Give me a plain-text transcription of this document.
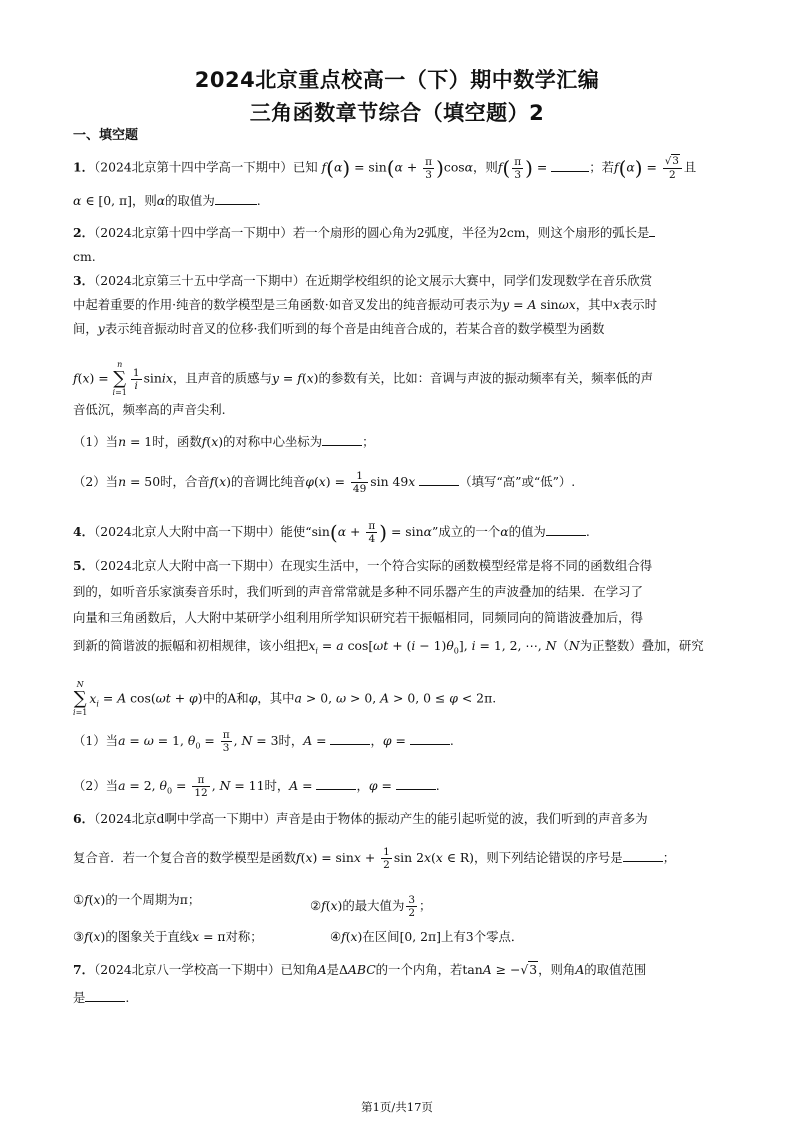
2024北京重点校高一（下）期中数学汇编
三角函数章节综合（填空题）2
一、填空题
1．（2024北京第十四中学高一下期中）已知 $f(\alpha) = \sin(\alpha + \frac{\pi}{3} )\cos\alpha$，则$f( \frac{\pi}{3}$ ) =	；若$f(\alpha) = \frac{√3}{2}$ 且
α ∈ [0, π]，则α的取值为	.
2．（2024北京第十四中学高一下期中）若一个扇形的圆心角为2弧度，半径为2cm，则这个扇形的弧长是
cm.
3．（2024北京第三十五中学高一下期中）在近期学校组织的论文展示大赛中，同学们发现数学在音乐欣赏
中起着重要的作用·纯音的数学模型是三角函数·如音叉发出的纯音振动可表示为y = A sinωx，其中x表示时
间，y表示纯音振动时音叉的位移·我们听到的每个音是由纯音合成的，若某合音的数学模型为函数
f(x) =
n
∑
i=1
$\frac{1}{i}$ sinix，且声音的质感与y = f(x)的参数有关，比如：音调与声波的振动频率有关，频率低的声
音低沉，频率高的声音尖利.
（1）当n = 1时，函数f(x)的对称中心坐标为	；
（2）当n = 50时，合音f(x)的音调比纯音$\varphi(x) = \frac{1}{49}$ sin 49x	（填写“高”或“低”）.
4．（2024北京人大附中高一下期中）能使“$\sin(\alpha + \frac{\pi}{4}$ ) = sinα”成立的一个α的值为	.
5．（2024北京人大附中高一下期中）在现实生活中，一个符合实际的函数模型经常是将不同的函数组合得
到的，如听音乐家演奏音乐时，我们听到的声音常常就是多种不同乐器产生的声波叠加的结果．在学习了
向量和三角函数后，人大附中某研学小组利用所学知识研究若干振幅相同，同频同向的简谐波叠加后，得
到新的简谐波的振幅和初相规律，该小组把$x_i = a$ $\cos[\omega t + (i - 1)\theta_0]$, i = 1, 2, ⋯, N（N为正整数）叠加，研究
N
∑
i=1
$x_i = A$ cos(ωt + φ)中的A和φ，其中a > 0, ω > 0, A > 0, 0 ≤ φ < 2π.
（1）当a = ω = 1, $\theta_0 = \frac{\pi}{3}$ , N = 3时，A =	，φ =	.
（2）当a = 2, $\theta_0 = \frac{\pi}{12}$ , N = 11时，A =	，φ =	.
6．（2024北京d啊中学高一下期中）声音是由于物体的振动产生的能引起听觉的波，我们听到的声音多为
复合音．若一个复合音的数学模型是函数$f(x) = \sin x + \frac{1}{2}$ sin 2x(x ∈ R)，则下列结论错误的序号是	；
①f(x)的一个周期为π；	②f(x)的最大值为 $\frac{3}{2}$ ；
③f(x)的图象关于直线x = π对称；	④f(x)在区间[0, 2π]上有3个零点．
7．（2024北京八一学校高一下期中）已知角A是ΔABC的一个内角，若tanA ≥ −√3，则角A的取值范围
是	.
第1页/共17页
